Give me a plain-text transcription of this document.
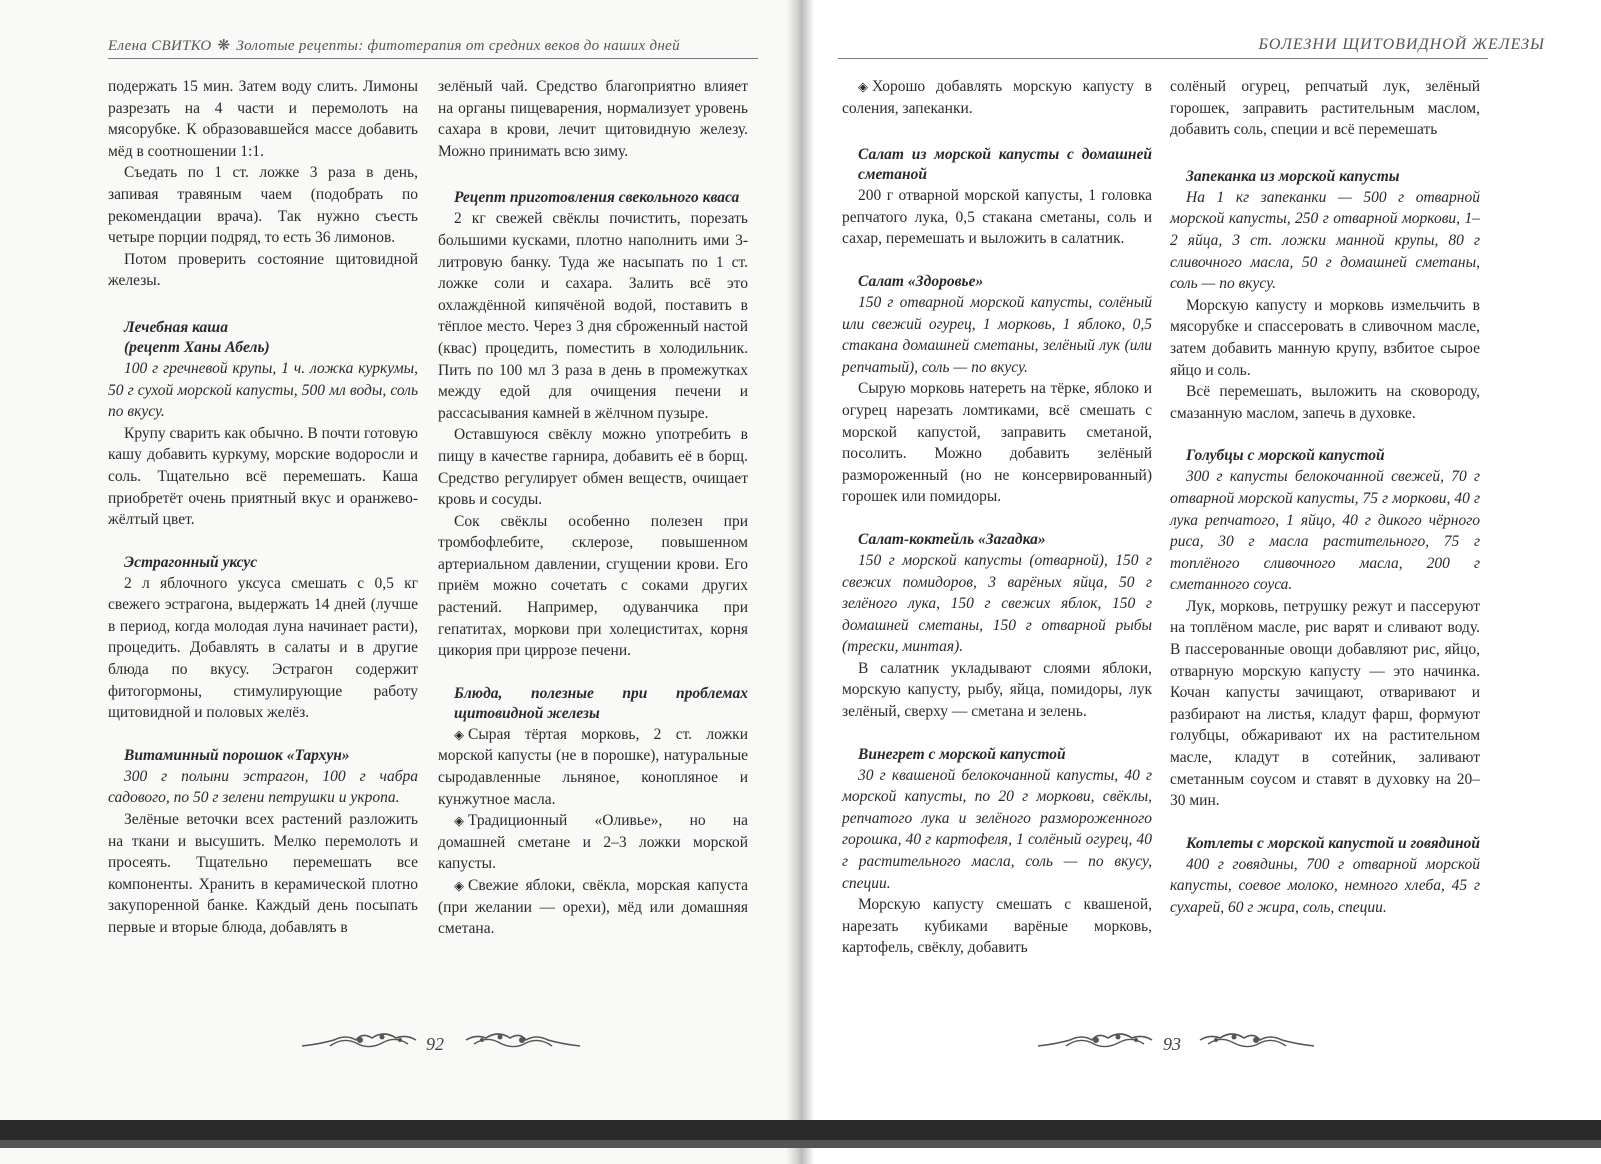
Елена СВИТКО ❋ Золотые рецепты: фитотерапия от средних веков до наших дней

подержать 15 мин. Затем воду слить. Лимоны разрезать на 4 части и перемолоть на мясорубке. К образовавшейся массе добавить мёд в соотношении 1:1.

Съедать по 1 ст. ложке 3 раза в день, запивая травяным чаем (подобрать по рекомендации врача). Так нужно съесть четыре порции подряд, то есть 36 лимонов.

Потом проверить состояние щитовидной железы.

Лечебная каша
(рецепт Ханы Абель)

100 г гречневой крупы, 1 ч. ложка куркумы, 50 г сухой морской капусты, 500 мл воды, соль по вкусу.

Крупу сварить как обычно. В почти готовую кашу добавить куркуму, морские водоросли и соль. Тщательно всё перемешать. Каша приобретёт очень приятный вкус и оранжево-жёлтый цвет.

Эстрагонный уксус

2 л яблочного уксуса смешать с 0,5 кг свежего эстрагона, выдержать 14 дней (лучше в период, когда молодая луна начинает расти), процедить. Добавлять в салаты и в другие блюда по вкусу. Эстрагон содержит фитогормоны, стимулирующие работу щитовидной и половых желёз.

Витаминный порошок «Тархун»

300 г полыни эстрагон, 100 г чабра садового, по 50 г зелени петрушки и укропа.

Зелёные веточки всех растений разложить на ткани и высушить. Мелко перемолоть и просеять. Тщательно перемешать все компоненты. Хранить в керамической плотно закупоренной банке. Каждый день посыпать первые и вторые блюда, добавлять в

зелёный чай. Средство благоприятно влияет на органы пищеварения, нормализует уровень сахара в крови, лечит щитовидную железу. Можно принимать всю зиму.

Рецепт приготовления свекольного кваса

2 кг свежей свёклы почистить, порезать большими кусками, плотно наполнить ими 3-литровую банку. Туда же насыпать по 1 ст. ложке соли и сахара. Залить всё это охлаждённой кипячёной водой, поставить в тёплое место. Через 3 дня сброженный настой (квас) процедить, поместить в холодильник. Пить по 100 мл 3 раза в день в промежутках между едой для очищения печени и рассасывания камней в жёлчном пузыре.

Оставшуюся свёклу можно употребить в пищу в качестве гарнира, добавить её в борщ. Средство регулирует обмен веществ, очищает кровь и сосуды.

Сок свёклы особенно полезен при тромбофлебите, склерозе, повышенном артериальном давлении, сгущении крови. Его приём можно сочетать с соками других растений. Например, одуванчика при гепатитах, моркови при холециститах, корня цикория при циррозе печени.

Блюда, полезные при проблемах щитовидной железы

◈ Сырая тёртая морковь, 2 ст. ложки морской капусты (не в порошке), натуральные сыродавленные льняное, конопляное и кунжутное масла.

◈ Традиционный «Оливье», но на домашней сметане и 2–3 ложки морской капусты.

◈ Свежие яблоки, свёкла, морская капуста (при желании — орехи), мёд или домашняя сметана.

92
БОЛЕЗНИ ЩИТОВИДНОЙ ЖЕЛЕЗЫ

◈ Хорошо добавлять морскую капусту в соления, запеканки.

Салат из морской капусты с домашней сметаной

200 г отварной морской капусты, 1 головка репчатого лука, 0,5 стакана сметаны, соль и сахар, перемешать и выложить в салатник.

Салат «Здоровье»

150 г отварной морской капусты, солёный или свежий огурец, 1 морковь, 1 яблоко, 0,5 стакана домашней сметаны, зелёный лук (или репчатый), соль — по вкусу.

Сырую морковь натереть на тёрке, яблоко и огурец нарезать ломтиками, всё смешать с морской капустой, заправить сметаной, посолить. Можно добавить зелёный размороженный (но не консервированный) горошек или помидоры.

Салат-коктейль «Загадка»

150 г морской капусты (отварной), 150 г свежих помидоров, 3 варёных яйца, 50 г зелёного лука, 150 г свежих яблок, 150 г домашней сметаны, 150 г отварной рыбы (трески, минтая).

В салатник укладывают слоями яблоки, морскую капусту, рыбу, яйца, помидоры, лук зелёный, сверху — сметана и зелень.

Винегрет с морской капустой

30 г квашеной белокочанной капусты, 40 г морской капусты, по 20 г моркови, свёклы, репчатого лука и зелёного размороженного горошка, 40 г картофеля, 1 солёный огурец, 40 г растительного масла, соль — по вкусу, специи.

Морскую капусту смешать с квашеной, нарезать кубиками варёные морковь, картофель, свёклу, добавить

солёный огурец, репчатый лук, зелёный горошек, заправить растительным маслом, добавить соль, специи и всё перемешать

Запеканка из морской капусты

На 1 кг запеканки — 500 г отварной морской капусты, 250 г отварной моркови, 1–2 яйца, 3 ст. ложки манной крупы, 80 г сливочного масла, 50 г домашней сметаны, соль — по вкусу.

Морскую капусту и морковь измельчить в мясорубке и спассеровать в сливочном масле, затем добавить манную крупу, взбитое сырое яйцо и соль.

Всё перемешать, выложить на сковороду, смазанную маслом, запечь в духовке.

Голубцы с морской капустой

300 г капусты белокочанной свежей, 70 г отварной морской капусты, 75 г моркови, 40 г лука репчатого, 1 яйцо, 40 г дикого чёрного риса, 30 г масла растительного, 75 г топлёного сливочного масла, 200 г сметанного соуса.

Лук, морковь, петрушку режут и пассеруют на топлёном масле, рис варят и сливают воду. В пассерованные овощи добавляют рис, яйцо, отварную морскую капусту — это начинка. Кочан капусты зачищают, отваривают и разбирают на листья, кладут фарш, формуют голубцы, обжаривают их на растительном масле, кладут в сотейник, заливают сметанным соусом и ставят в духовку на 20–30 мин.

Котлеты с морской капустой и говядиной

400 г говядины, 700 г отварной морской капусты, соевое молоко, немного хлеба, 45 г сухарей, 60 г жира, соль, специи.

93
